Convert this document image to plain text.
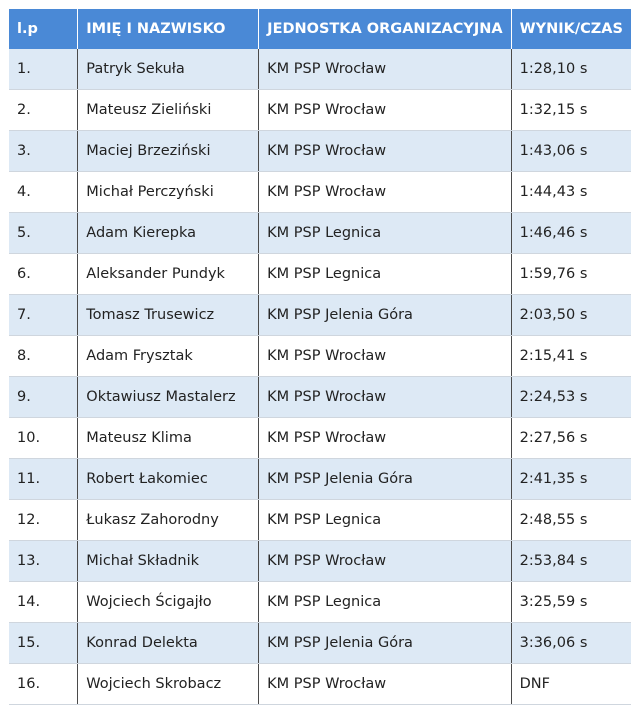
l.p	IMIĘ I NAZWISKO	JEDNOSTKA ORGANIZACYJNA	WYNIK/CZAS
1.	Patryk Sekuła	KM PSP Wrocław	1:28,10 s
2.	Mateusz Zieliński	KM PSP Wrocław	1:32,15 s
3.	Maciej Brzeziński	KM PSP Wrocław	1:43,06 s
4.	Michał Perczyński	KM PSP Wrocław	1:44,43 s
5.	Adam Kierepka	KM PSP Legnica	1:46,46 s
6.	Aleksander Pundyk	KM PSP Legnica	1:59,76 s
7.	Tomasz Trusewicz	KM PSP Jelenia Góra	2:03,50 s
8.	Adam Frysztak	KM PSP Wrocław	2:15,41 s
9.	Oktawiusz Mastalerz	KM PSP Wrocław	2:24,53 s
10.	Mateusz Klima	KM PSP Wrocław	2:27,56 s
11.	Robert Łakomiec	KM PSP Jelenia Góra	2:41,35 s
12.	Łukasz Zahorodny	KM PSP Legnica	2:48,55 s
13.	Michał Składnik	KM PSP Wrocław	2:53,84 s
14.	Wojciech Ścigajło	KM PSP Legnica	3:25,59 s
15.	Konrad Delekta	KM PSP Jelenia Góra	3:36,06 s
16.	Wojciech Skrobacz	KM PSP Wrocław	DNF
